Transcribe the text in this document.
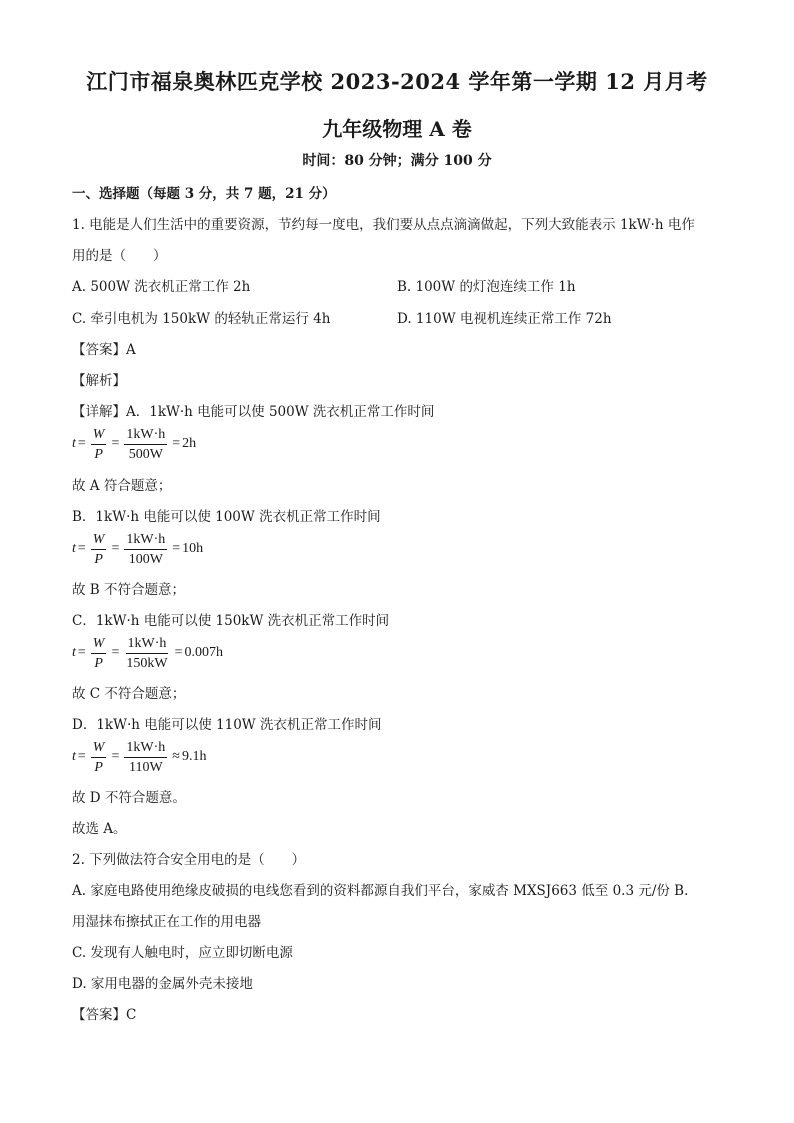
江门市福泉奥林匹克学校 2023-2024 学年第一学期 12 月月考
九年级物理 A 卷
时间：80 分钟；满分 100 分
一、选择题（每题 3 分，共 7 题，21 分）
1. 电能是人们生活中的重要资源，节约每一度电，我们要从点点滴滴做起，下列大致能表示 1kW·h 电作
用的是（　　）
A. 500W 洗衣机正常工作 2h	B. 100W 的灯泡连续工作 1h
C. 牵引电机为 150kW 的轻轨正常运行 4h	D. 110W 电视机连续正常工作 72h
【答案】A
【解析】
【详解】A．1kW·h 电能可以使 500W 洗衣机正常工作时间
$t = \frac{W}{P} = \frac{1kW\cdot h}{500W} = 2h$
故 A 符合题意；
B．1kW·h 电能可以使 100W 洗衣机正常工作时间
$t = \frac{W}{P} = \frac{1kW\cdot h}{100W} = 10h$
故 B 不符合题意；
C．1kW·h 电能可以使 150kW 洗衣机正常工作时间
$t = \frac{W}{P} = \frac{1kW\cdot h}{150kW} = 0.007h$
故 C 不符合题意；
D．1kW·h 电能可以使 110W 洗衣机正常工作时间
$t = \frac{W}{P} = \frac{1kW\cdot h}{110W} \approx 9.1h$
故 D 不符合题意。
故选 A。
2. 下列做法符合安全用电的是（　　）
A. 家庭电路使用绝缘皮破损的电线您看到的资料都源自我们平台，家威杏 MXSJ663 低至 0.3 元/份 B.
用湿抹布擦拭正在工作的用电器
C. 发现有人触电时，应立即切断电源
D. 家用电器的金属外壳未接地
【答案】C
